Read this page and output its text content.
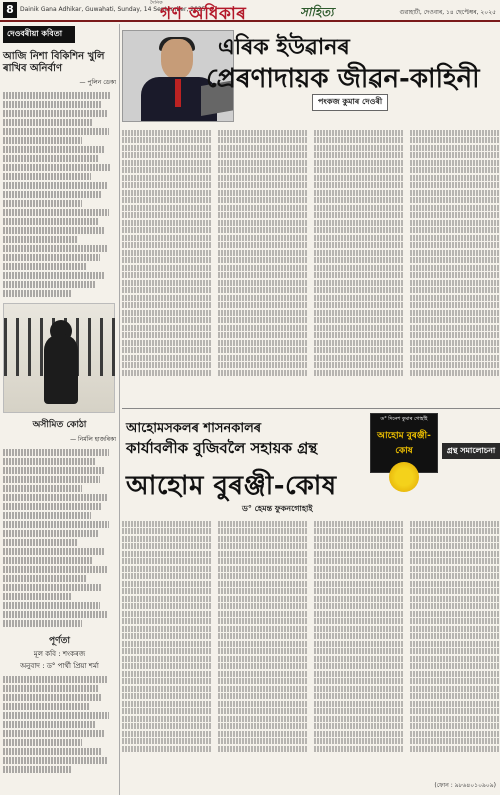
8	Dainik Gana Adhikar, Guwahati, Sunday, 14 September, 2025
দৈনিক
গণ অধিকাৰ	সাহিত্য	গুৱাহাটী, দেওবাৰ, ১৪ ছেপ্টেম্বৰ, ২০২৫
দেওবৰীয়া কবিতা
আজি নিশা বিকিশিন খুলি ৰাখিব অনিৰ্বাণ
— পুলিন ডেকা
অসীমিত কোঠা
— নিৰ্মলি হাজৰিকা
পূৰ্ণতা
মূল কবি : শংকৰজ
অনুবাদ : ড° পাৰ্থী প্ৰিয়া শৰ্মা
এৰিক ইউৱানৰ
প্ৰেৰণাদায়ক জীৱন-কাহিনী
পংকজ কুমাৰ দেওৰী
আহোমসকলৰ শাসনকালৰ
কাৰ্যাবলীক বুজিবলৈ সহায়ক গ্ৰন্থ
আহোম বুৰঞ্জী-কোষ
ড° হেমন্ত ফুকনগোহাই
ড° দিনেশ কুমাৰ গোহাঁই
আহোম বুৰঞ্জী-কোষ	গ্ৰন্থ সমালোচনা
(ফোন : ৯৮৬৪০১০৯০৯)
